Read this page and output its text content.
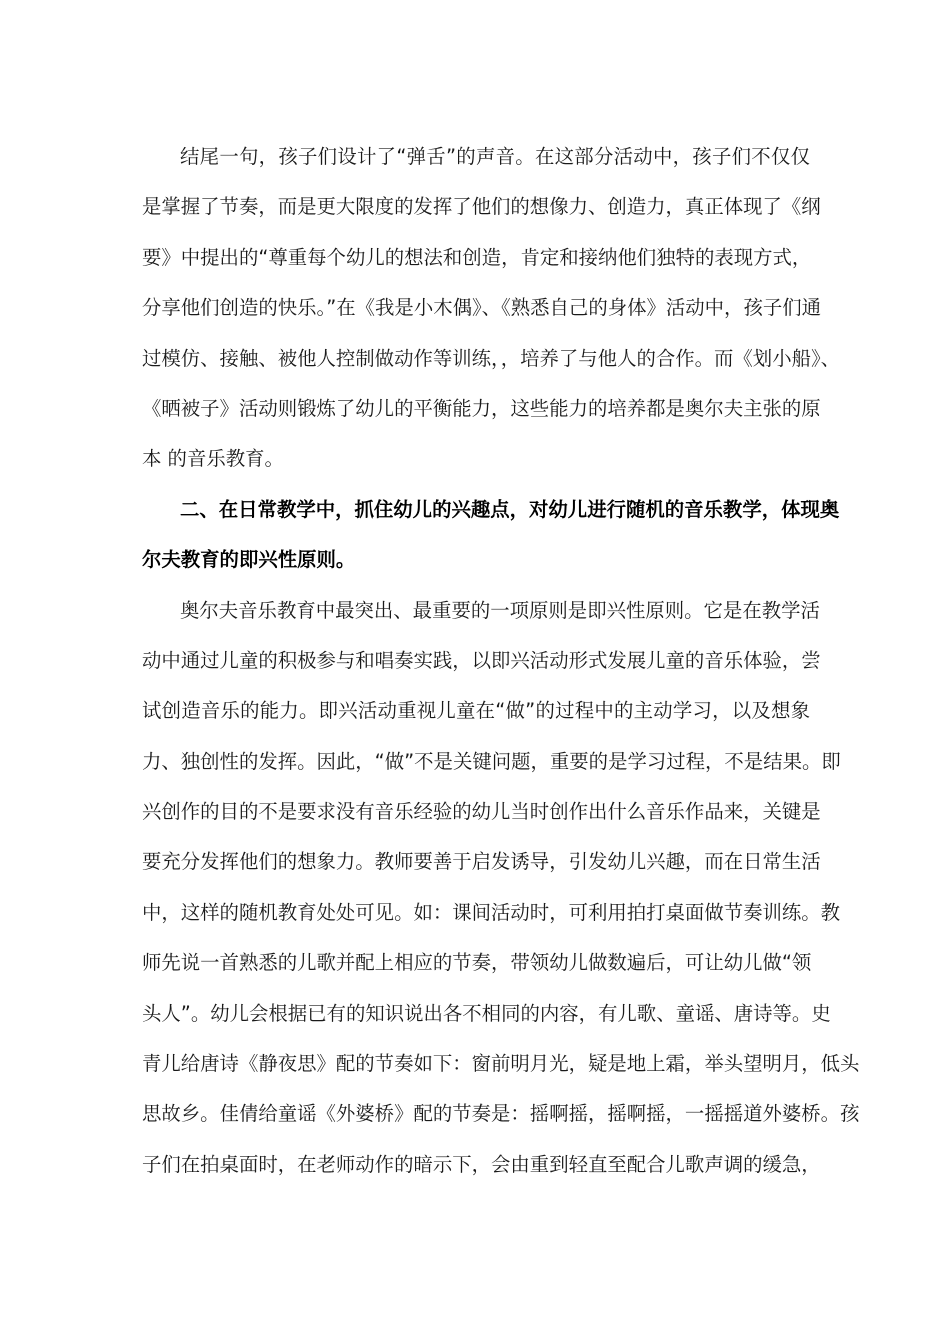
结尾一句，孩子们设计了“弹舌”的声音。在这部分活动中，孩子们不仅仅
是掌握了节奏，而是更大限度的发挥了他们的想像力、创造力，真正体现了《纲
要》中提出的“尊重每个幼儿的想法和创造，肯定和接纳他们独特的表现方式，
分享他们创造的快乐。”在《我是小木偶》、《熟悉自己的身体》活动中，孩子们通
过模仿、接触、被他人控制做动作等训练，，培养了与他人的合作。而《划小船》、
《晒被子》活动则锻炼了幼儿的平衡能力，这些能力的培养都是奥尔夫主张的原
本 的音乐教育。
二、在日常教学中，抓住幼儿的兴趣点，对幼儿进行随机的音乐教学，体现奥
尔夫教育的即兴性原则。
奥尔夫音乐教育中最突出、最重要的一项原则是即兴性原则。它是在教学活
动中通过儿童的积极参与和唱奏实践，以即兴活动形式发展儿童的音乐体验，尝
试创造音乐的能力。即兴活动重视儿童在“做”的过程中的主动学习，以及想象
力、独创性的发挥。因此，“做”不是关键问题，重要的是学习过程，不是结果。即
兴创作的目的不是要求没有音乐经验的幼儿当时创作出什么音乐作品来，关键是
要充分发挥他们的想象力。教师要善于启发诱导，引发幼儿兴趣，而在日常生活
中，这样的随机教育处处可见。如：课间活动时，可利用拍打桌面做节奏训练。教
师先说一首熟悉的儿歌并配上相应的节奏，带领幼儿做数遍后，可让幼儿做“领
头人”。幼儿会根据已有的知识说出各不相同的内容，有儿歌、童谣、唐诗等。史
青儿给唐诗《静夜思》配的节奏如下：窗前明月光，疑是地上霜，举头望明月，低头
思故乡。佳倩给童谣《外婆桥》配的节奏是：摇啊摇，摇啊摇，一摇摇道外婆桥。孩
子们在拍桌面时，在老师动作的暗示下，会由重到轻直至配合儿歌声调的缓急，
